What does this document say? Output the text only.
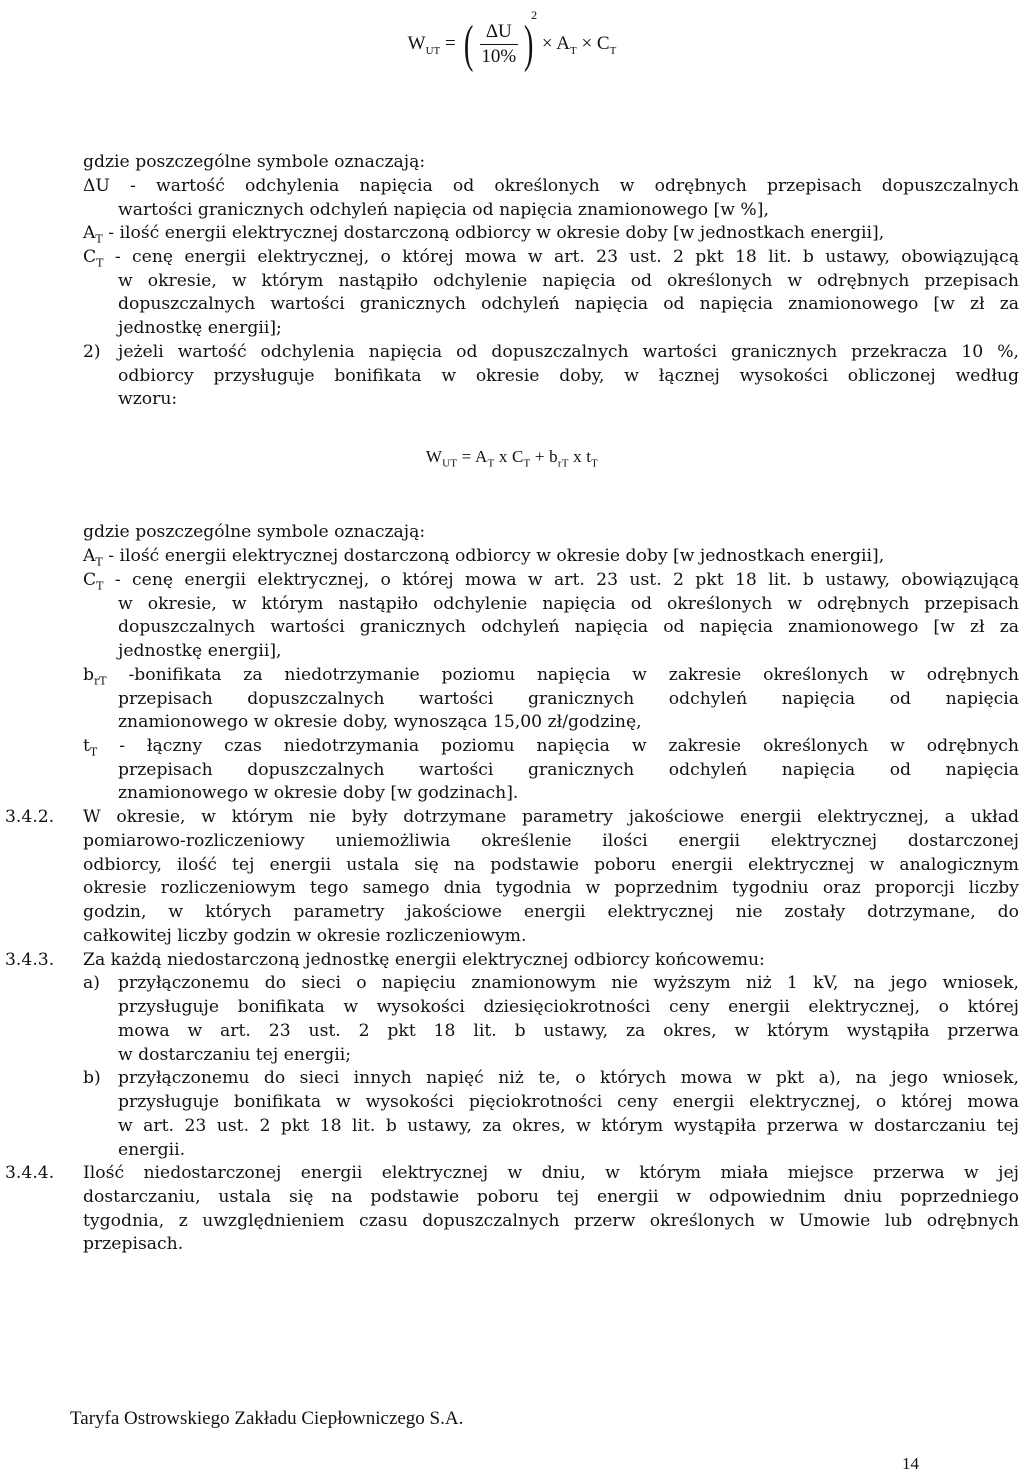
$W_{UT}$ = ( $\frac{\Delta U}{10\%} )^2 \times A_T \times C_T$
gdzie poszczególne symbole oznaczają:
ΔU - wartość odchylenia napięcia od określonych w odrębnych przepisach dopuszczalnych
wartości granicznych odchyleń napięcia od napięcia znamionowego [w %],
$A_T$ - ilość energii elektrycznej dostarczoną odbiorcy w okresie doby [w jednostkach energii],
$C_T$ - cenę energii elektrycznej, o której mowa w art. 23 ust. 2 pkt 18 lit. b ustawy, obowiązującą
w okresie, w którym nastąpiło odchylenie napięcia od określonych w odrębnych przepisach
dopuszczalnych wartości granicznych odchyleń napięcia od napięcia znamionowego [w zł za
jednostkę energii];
2) jeżeli wartość odchylenia napięcia od dopuszczalnych wartości granicznych przekracza 10 %,
odbiorcy przysługuje bonifikata w okresie doby, w łącznej wysokości obliczonej według
wzoru:
$W_{UT} = A_T$ x $C_T + b_{rT}$ x $t_T$
gdzie poszczególne symbole oznaczają:
$A_T$ - ilość energii elektrycznej dostarczoną odbiorcy w okresie doby [w jednostkach energii],
$C_T$ - cenę energii elektrycznej, o której mowa w art. 23 ust. 2 pkt 18 lit. b ustawy, obowiązującą
w okresie, w którym nastąpiło odchylenie napięcia od określonych w odrębnych przepisach
dopuszczalnych wartości granicznych odchyleń napięcia od napięcia znamionowego [w zł za
jednostkę energii],
$b_{rT}$ -bonifikata za niedotrzymanie poziomu napięcia w zakresie określonych w odrębnych
przepisach dopuszczalnych wartości granicznych odchyleń napięcia od napięcia
znamionowego w okresie doby, wynosząca 15,00 zł/godzinę,
$t_T$ - łączny czas niedotrzymania poziomu napięcia w zakresie określonych w odrębnych
przepisach dopuszczalnych wartości granicznych odchyleń napięcia od napięcia
znamionowego w okresie doby [w godzinach].
3.4.2. W okresie, w którym nie były dotrzymane parametry jakościowe energii elektrycznej, a układ
pomiarowo-rozliczeniowy uniemożliwia określenie ilości energii elektrycznej dostarczonej
odbiorcy, ilość tej energii ustala się na podstawie poboru energii elektrycznej w analogicznym
okresie rozliczeniowym tego samego dnia tygodnia w poprzednim tygodniu oraz proporcji liczby
godzin, w których parametry jakościowe energii elektrycznej nie zostały dotrzymane, do
całkowitej liczby godzin w okresie rozliczeniowym.
3.4.3. Za każdą niedostarczoną jednostkę energii elektrycznej odbiorcy końcowemu:
a) przyłączonemu do sieci o napięciu znamionowym nie wyższym niż 1 kV, na jego wniosek,
przysługuje bonifikata w wysokości dziesięciokrotności ceny energii elektrycznej, o której
mowa w art. 23 ust. 2 pkt 18 lit. b ustawy, za okres, w którym wystąpiła przerwa
w dostarczaniu tej energii;
b) przyłączonemu do sieci innych napięć niż te, o których mowa w pkt a), na jego wniosek,
przysługuje bonifikata w wysokości pięciokrotności ceny energii elektrycznej, o której mowa
w art. 23 ust. 2 pkt 18 lit. b ustawy, za okres, w którym wystąpiła przerwa w dostarczaniu tej
energii.
3.4.4. Ilość niedostarczonej energii elektrycznej w dniu, w którym miała miejsce przerwa w jej
dostarczaniu, ustala się na podstawie poboru tej energii w odpowiednim dniu poprzedniego
tygodnia, z uwzględnieniem czasu dopuszczalnych przerw określonych w Umowie lub odrębnych
przepisach.
Taryfa Ostrowskiego Zakładu Ciepłowniczego S.A.
14
